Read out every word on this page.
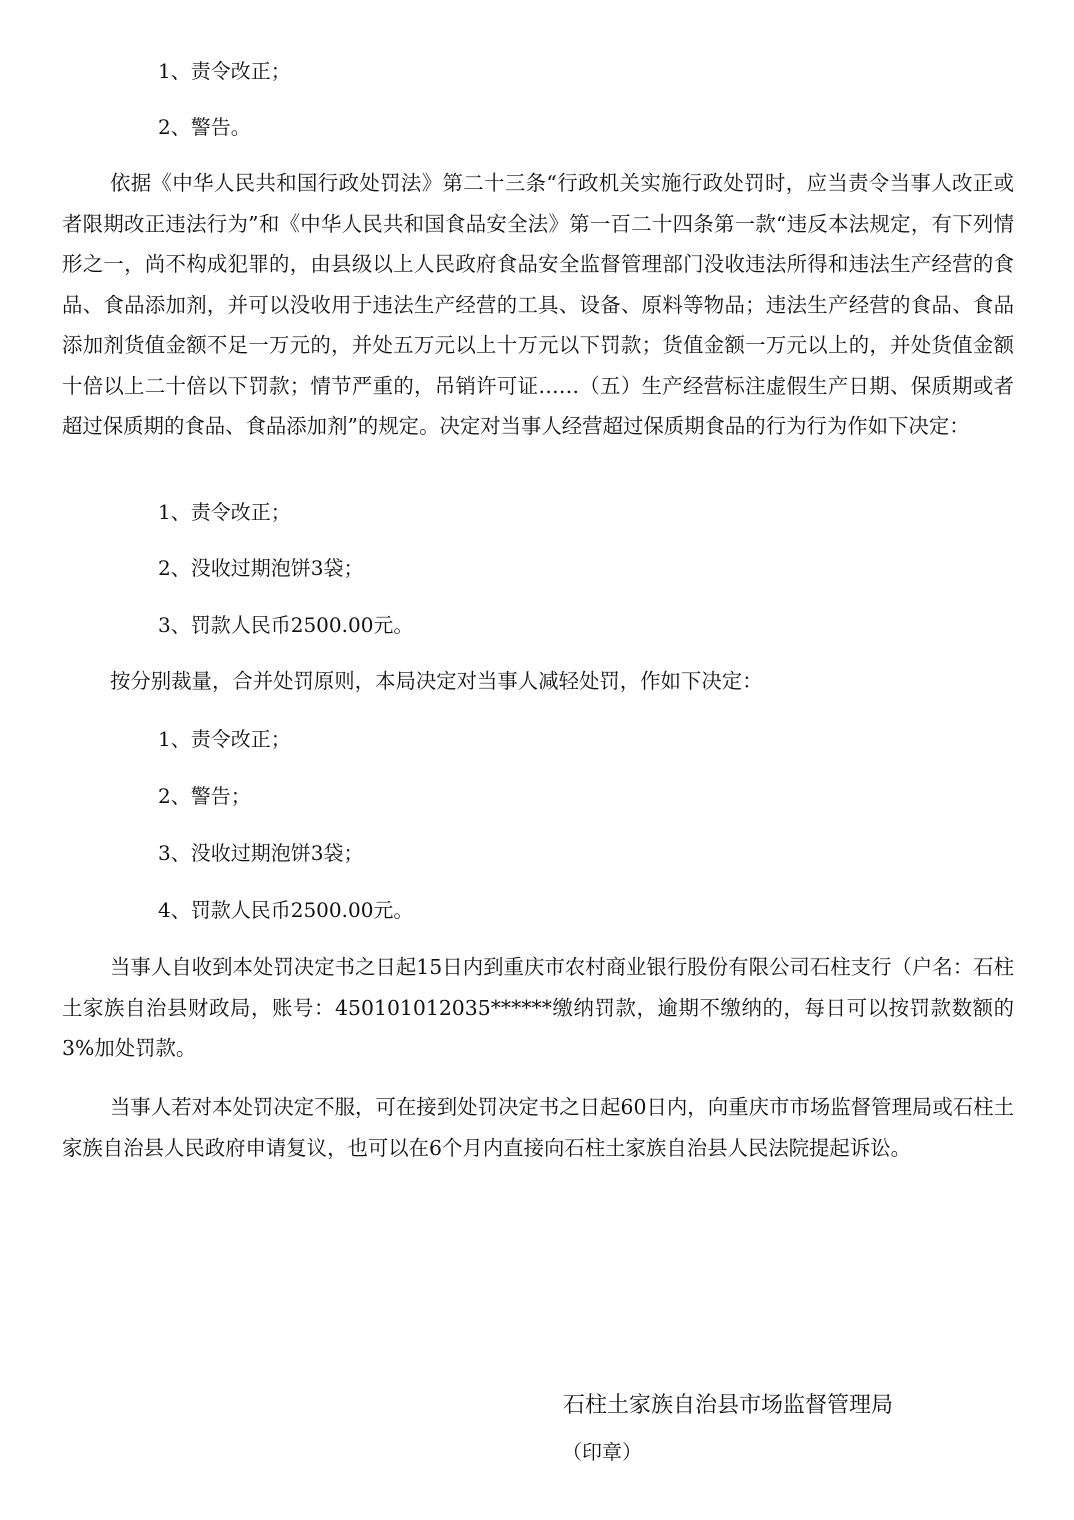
1、责令改正；
2、警告。
依据《中华人民共和国行政处罚法》第二十三条“行政机关实施行政处罚时，应当责令当事人改正或者限期改正违法行为”和《中华人民共和国食品安全法》第一百二十四条第一款“违反本法规定，有下列情形之一，尚不构成犯罪的，由县级以上人民政府食品安全监督管理部门没收违法所得和违法生产经营的食品、食品添加剂，并可以没收用于违法生产经营的工具、设备、原料等物品；违法生产经营的食品、食品添加剂货值金额不足一万元的，并处五万元以上十万元以下罚款；货值金额一万元以上的，并处货值金额十倍以上二十倍以下罚款；情节严重的，吊销许可证……（五）生产经营标注虚假生产日期、保质期或者超过保质期的食品、食品添加剂”的规定。决定对当事人经营超过保质期食品的行为行为作如下决定：
1、责令改正；
2、没收过期泡饼3袋；
3、罚款人民币2500.00元。
按分别裁量，合并处罚原则，本局决定对当事人减轻处罚，作如下决定：
1、责令改正；
2、警告；
3、没收过期泡饼3袋；
4、罚款人民币2500.00元。
当事人自收到本处罚决定书之日起15日内到重庆市农村商业银行股份有限公司石柱支行（户名：石柱土家族自治县财政局，账号：450101012035******缴纳罚款，逾期不缴纳的，每日可以按罚款数额的3%加处罚款。
当事人若对本处罚决定不服，可在接到处罚决定书之日起60日内，向重庆市市场监督管理局或石柱土家族自治县人民政府申请复议，也可以在6个月内直接向石柱土家族自治县人民法院提起诉讼。
石柱土家族自治县市场监督管理局
（印章）
